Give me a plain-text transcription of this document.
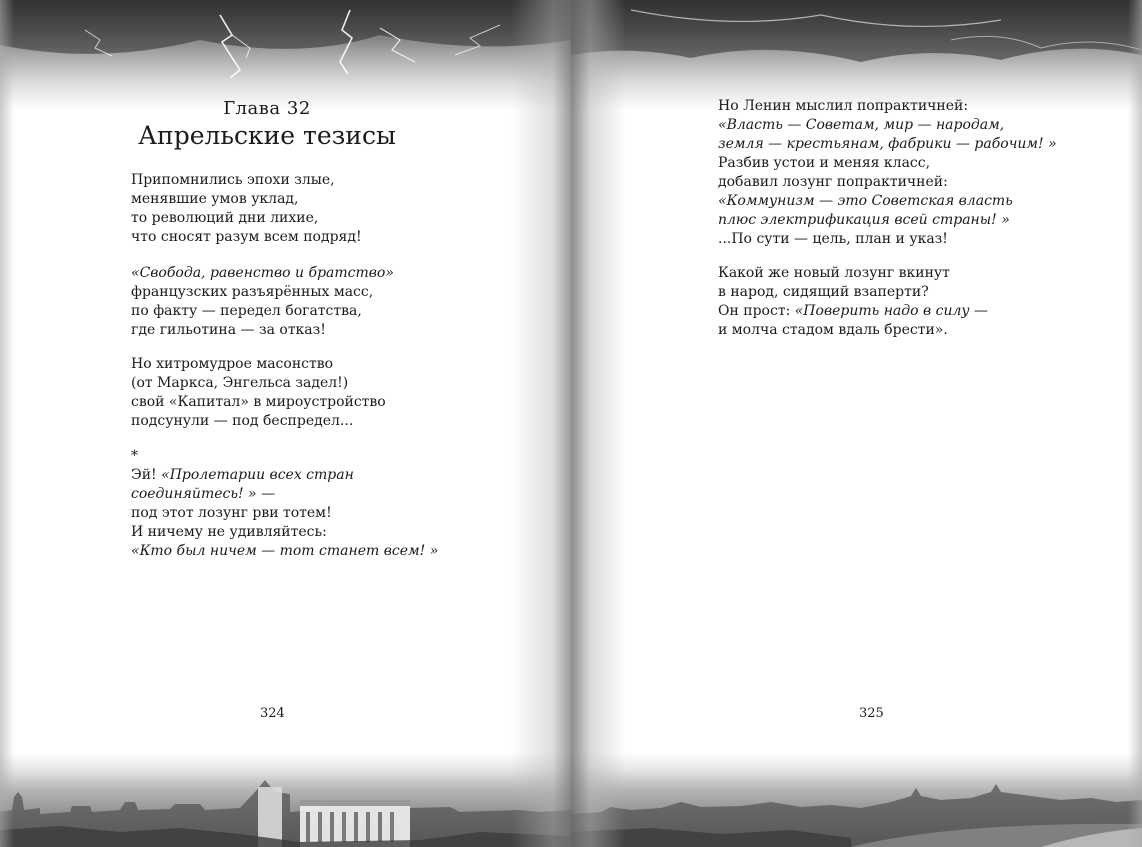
Глава 32
Апрельские тезисы

Припомнились эпохи злые,
менявшие умов уклад,
то революций дни лихие,
что сносят разум всем подряд!

«Свобода, равенство и братство»
французских разъярённых масс,
по факту — передел богатства,
где гильотина — за отказ!

Но хитромудрое масонство
(от Маркса, Энгельса задел!)
свой «Капитал» в мироустройство
подсунули — под беспредел...

*
Эй! «Пролетарии всех стран
соединяйтесь! » —
под этот лозунг рви тотем!
И ничему не удивляйтесь:
«Кто был ничем — тот станет всем! »

324

Но Ленин мыслил попрактичней:
«Власть — Советам, мир — народам,
земля — крестьянам, фабрики — рабочим! »
Разбив устои и меняя класс,
добавил лозунг попрактичней:
«Коммунизм — это Советская власть
плюс электрификация всей страны! »
...По сути — цель, план и указ!

Какой же новый лозунг вкинут
в народ, сидящий взаперти?
Он прост: «Поверить надо в силу —
и молча стадом вдаль брести».

325
